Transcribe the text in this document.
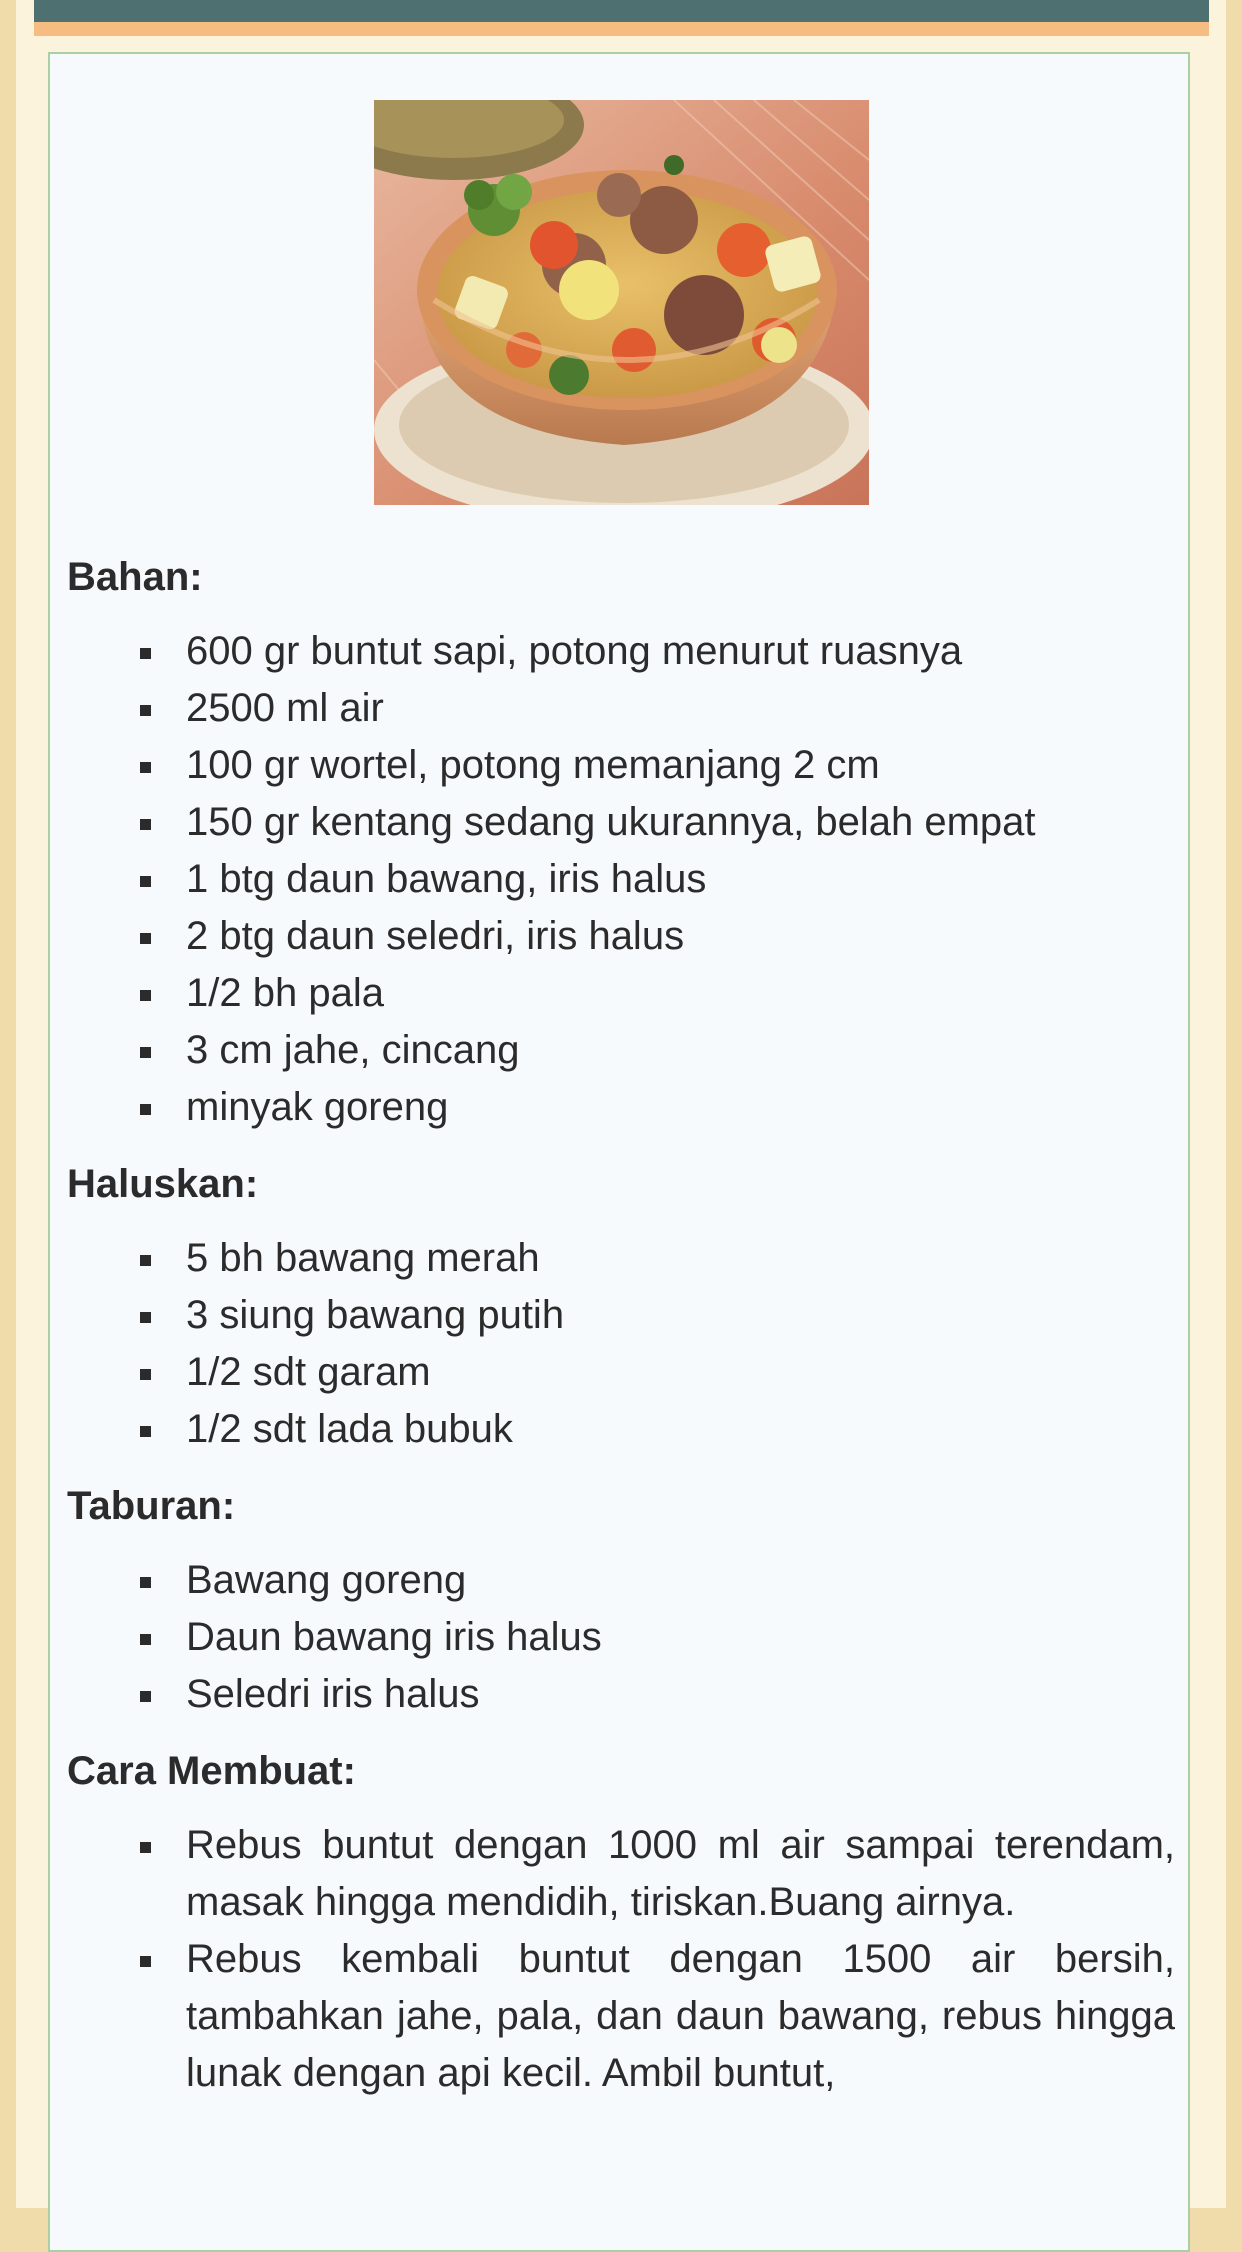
Bahan:
600 gr buntut sapi, potong menurut ruasnya
2500 ml air
100 gr wortel, potong memanjang 2 cm
150 gr kentang sedang ukurannya, belah empat
1 btg daun bawang, iris halus
2 btg daun seledri, iris halus
1/2 bh pala
3 cm jahe, cincang
minyak goreng
Haluskan:
5 bh bawang merah
3 siung bawang putih
1/2 sdt garam
1/2 sdt lada bubuk
Taburan:
Bawang goreng
Daun bawang iris halus
Seledri iris halus
Cara Membuat:
Rebus buntut dengan 1000 ml air sampai terendam, masak hingga mendidih, tiriskan.Buang airnya.
Rebus kembali buntut dengan 1500 air bersih, tambahkan jahe, pala, dan daun bawang, rebus hingga lunak dengan api kecil. Ambil buntut,
